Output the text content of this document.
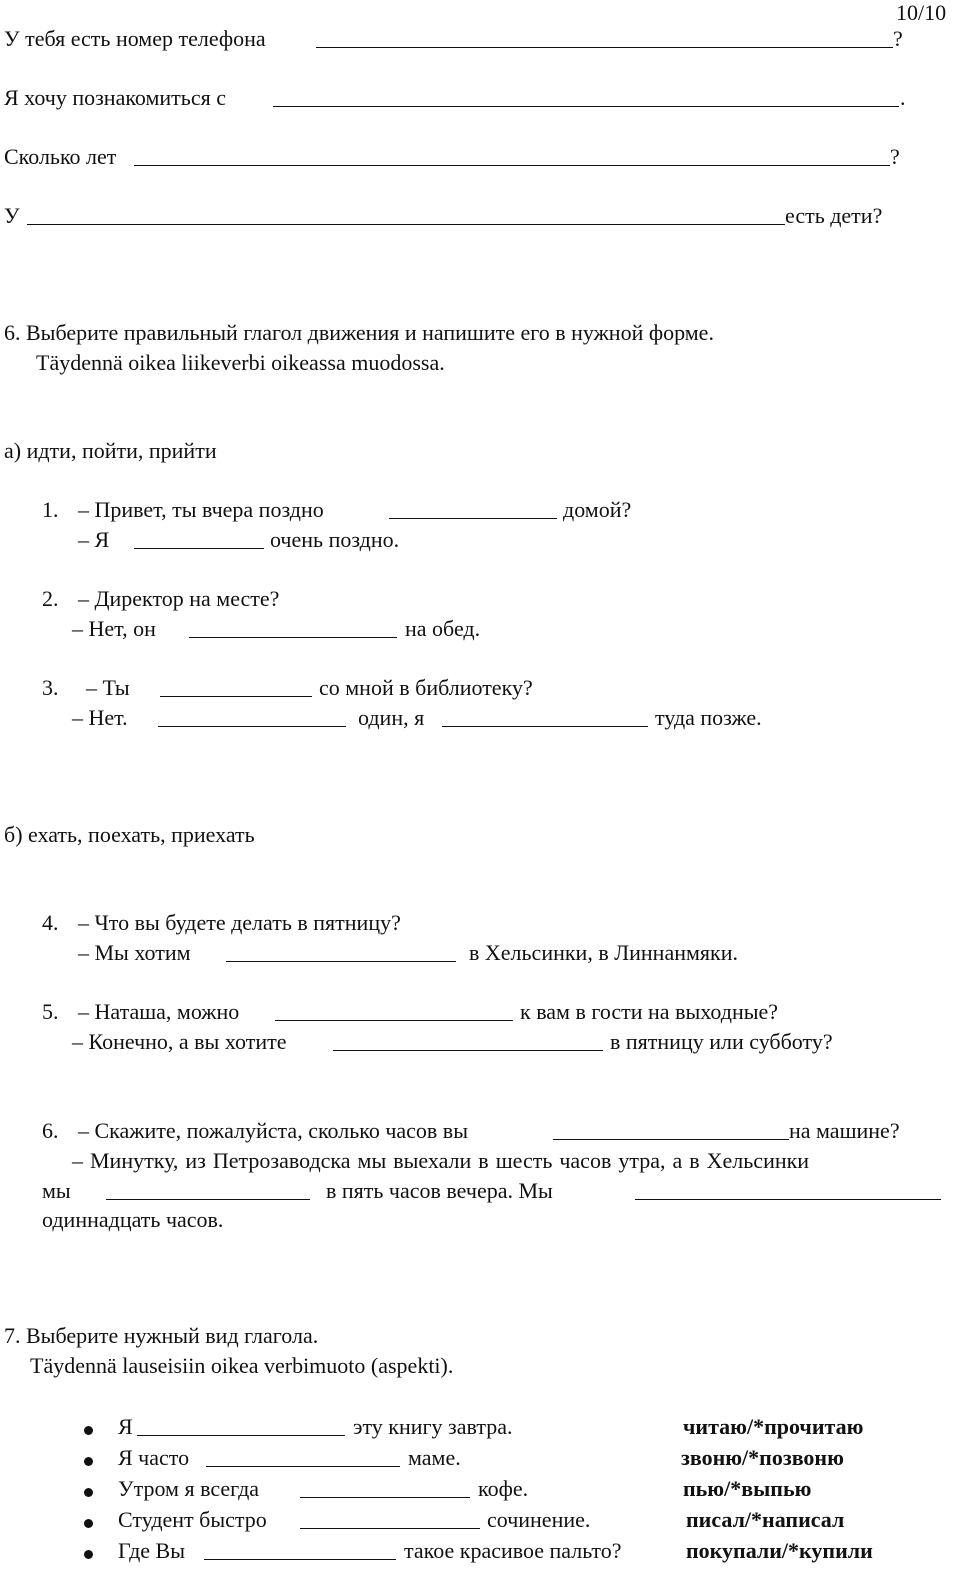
10/10
У тебя есть номер телефона	?
Я хочу познакомиться с	.
Сколько лет	?
У	есть дети?
6. Выберите правильный глагол движения и напишите его в нужной форме.
Täydennä oikea liikeverbi oikeassa muodossa.
а) идти, пойти, прийти
1. – Привет, ты вчера поздно	домой?
– Я	очень поздно.
2. – Директор на месте?
– Нет, он	на обед.
3. – Ты	со мной в библиотеку?
– Нет.	один, я	туда позже.
б) ехать, поехать, приехать
4. – Что вы будете делать в пятницу?
– Мы хотим	в Хельсинки, в Линнанмяки.
5. – Наташа, можно	к вам в гости на выходные?
– Конечно, а вы хотите	в пятницу или субботу?
6. – Скажите, пожалуйста, сколько часов вы	на машине?
– Минутку, из Петрозаводска мы выехали в шесть часов утра, а в Хельсинки
мы	в пять часов вечера. Мы
одиннадцать часов.
7. Выберите нужный вид глагола.
Täydennä lauseisiin oikea verbimuoto (aspekti).
Я	эту книгу завтра.	читаю/*прочитаю
Я часто	маме.	звоню/*позвоню
Утром я всегда	кофе.	пью/*выпью
Студент быстро	сочинение.	писал/*написал
Где Вы	такое красивое пальто?	покупали/*купили
